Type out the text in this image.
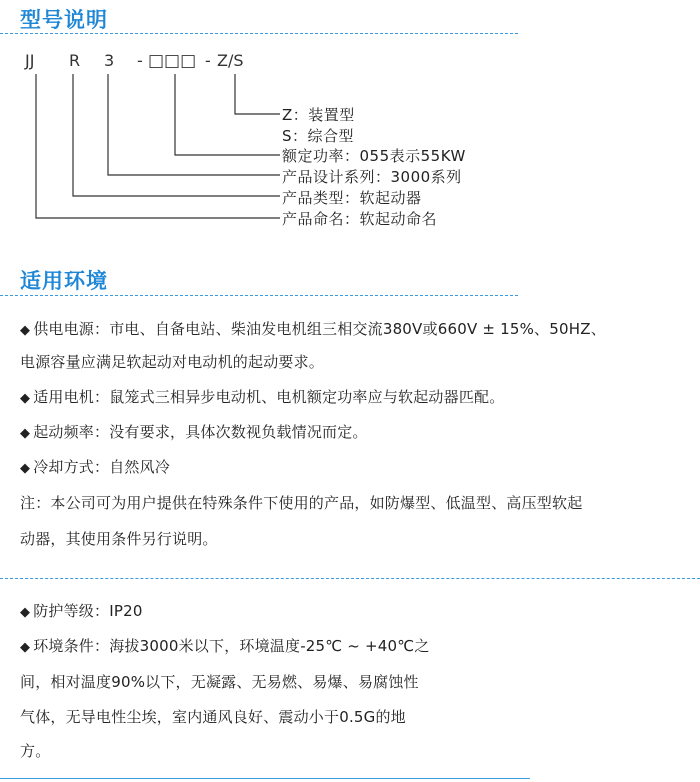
型号说明
JJ R 3 - □□□ - Z/S
Z：装置型
S：综合型
额定功率：055表示55KW
产品设计系列：3000系列
产品类型：软起动器
产品命名：软起动命名
适用环境
◆ 供电电源：市电、自备电站、柴油发电机组三相交流380V或660V ± 15%、50HZ、
电源容量应满足软起动对电动机的起动要求。
◆ 适用电机：鼠笼式三相异步电动机、电机额定功率应与软起动器匹配。
◆ 起动频率：没有要求，具体次数视负载情况而定。
◆ 冷却方式：自然风冷
注：本公司可为用户提供在特殊条件下使用的产品，如防爆型、低温型、高压型软起
动器，其使用条件另行说明。
◆ 防护等级：IP20
◆ 环境条件：海拔3000米以下，环境温度-25℃ ~ +40℃之
间，相对温度90%以下，无凝露、无易燃、易爆、易腐蚀性
气体，无导电性尘埃，室内通风良好、震动小于0.5G的地
方。
